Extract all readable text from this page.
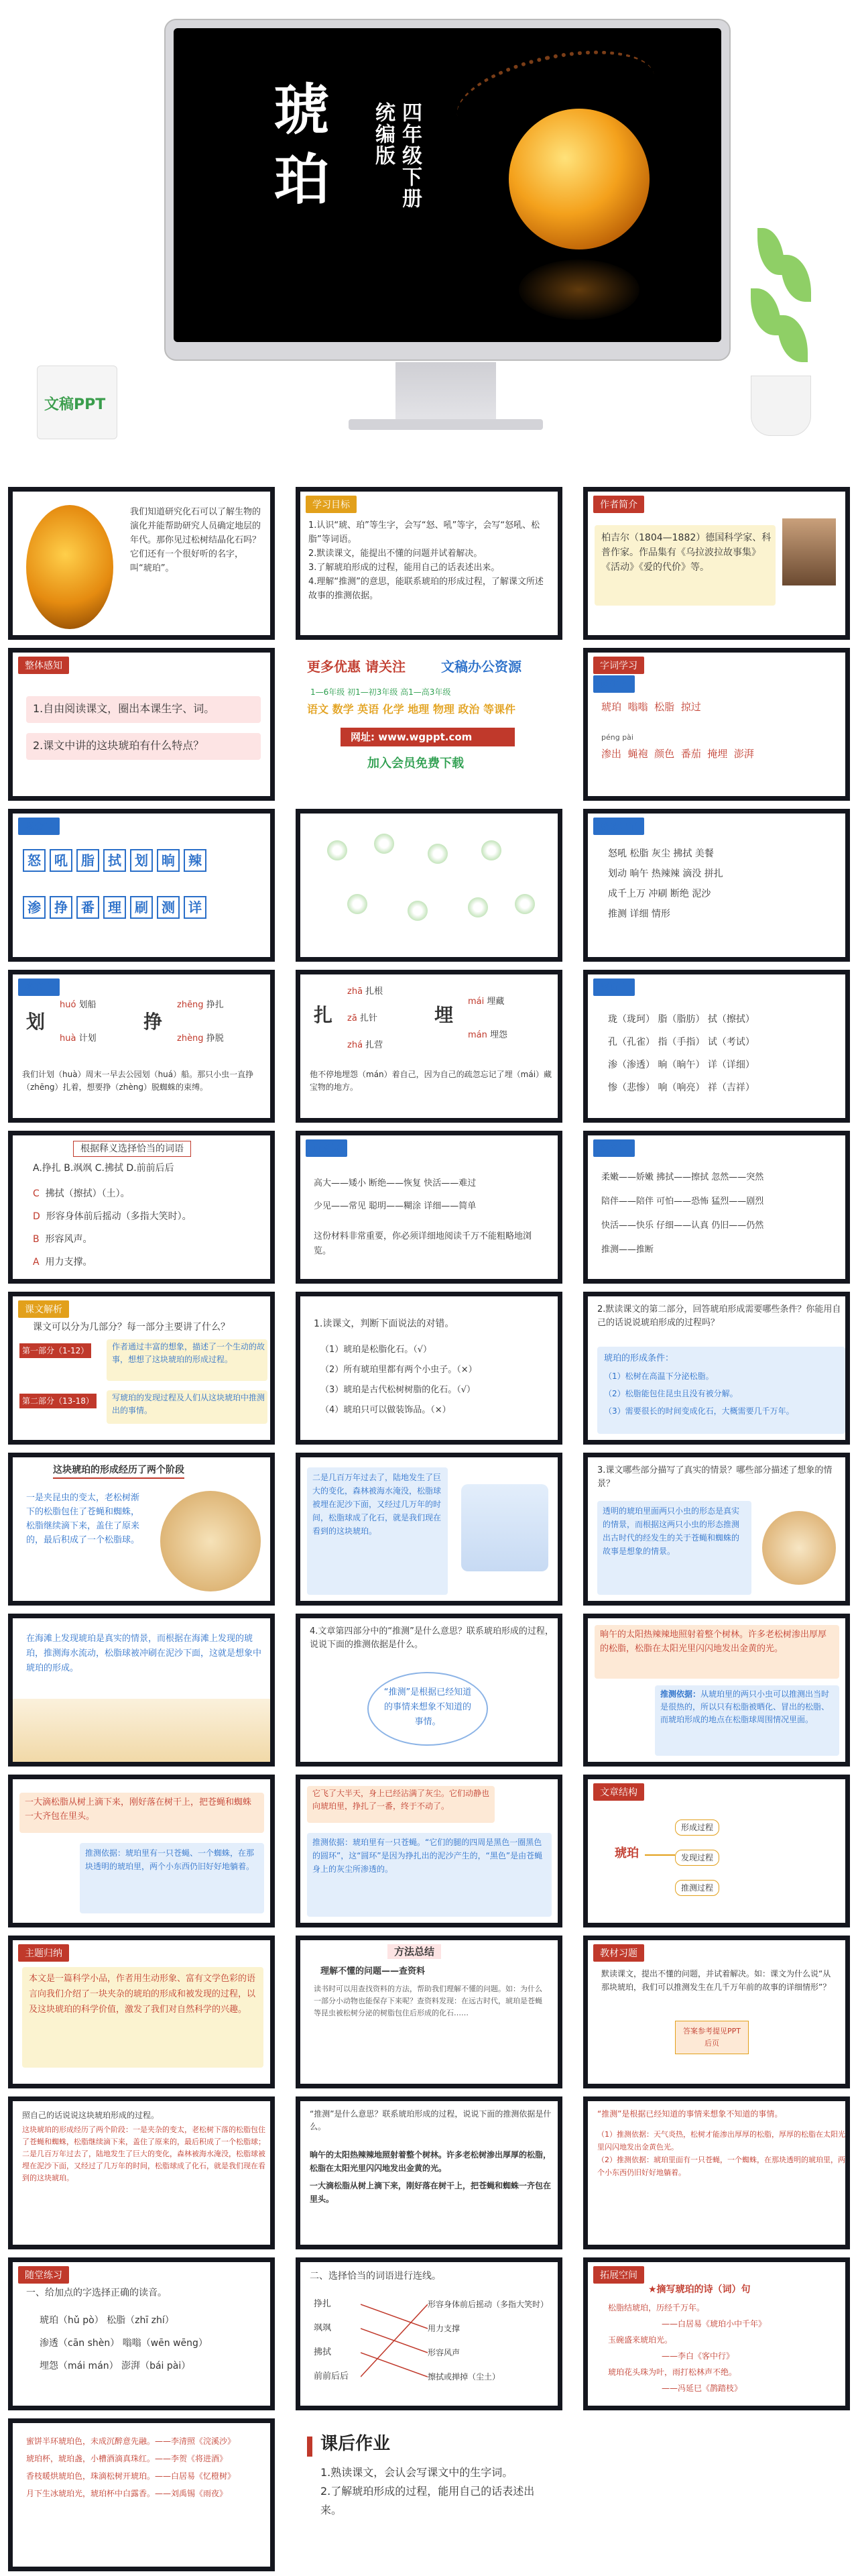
琥
珀
统编版 四年级下册
文稿PPT
我们知道研究化石可以了解生物的演化并能帮助研究人员确定地层的年代。那你见过松树结晶化石吗？它们还有一个很好听的名字，叫“琥珀”。
学习目标
1.认识“琥、珀”等生字，会写“怒、吼”等字，会写“怒吼、松脂”等词语。
2.默读课文，能提出不懂的问题并试着解决。
3.了解琥珀形成的过程，能用自己的话表述出来。
4.理解“推测”的意思，能联系琥珀的形成过程，了解课文所述故事的推测依据。
作者简介
柏吉尔（1804—1882）德国科学家、科普作家。作品集有《乌拉波拉故事集》《活动》《爱的代价》等。
整体感知
1.自由阅读课文，圈出本课生字、词。
2.课文中讲的这块琥珀有什么特点？
更多优惠 请关注	文稿办公资源
1—6年级 初1—初3年级 高1—高3年级
语文 数学 英语 化学 地理 物理 政治 等课件
网址: www.wgppt.com
加入会员免费下载
字词学习
读生字
琥珀 嗡嗡 松脂 掠过
渗出 蝇袍 颜色 番茄 掩埋 澎湃
péng pài
我会写
怒 吼 脂 拭 划 晌 辣
渗 挣 番 理 刷 测 详
读读记记
怒吼 松脂 灰尘 拂拭 美餐
划动 晌午 热辣辣 滴没 拼扎
成千上万 冲刷 断绝 泥沙
推测 详细 情形
多音字
划
huó 划船
huà 计划
挣
zhēng 挣扎
zhèng 挣脱
我们计划（huà）周末一早去公园划（huá）船。那只小虫一直挣（zhēng）扎着，想要挣（zhèng）脱蜘蛛的束缚。
扎
zhā 扎根
zā 扎针
zhá 扎营
埋
mái 埋藏
mán 埋怨
他不停地埋怨（mán）着自己，因为自己的疏忽忘记了埋（mái）藏宝物的地方。
形近字
珑（珑珂） 脂（脂肪） 拭（擦拭）
孔（孔雀） 指（手指） 试（考试）
渗（渗透） 晌（晌午） 详（详细）
惨（悲惨） 响（响亮） 祥（吉祥）
根据释义选择恰当的词语
A.挣扎 B.飒飒 C.拂拭 D.前前后后
C 拂拭（擦拭）（土）。
D 形容身体前后摇动（多指大笑时）。
B 形容风声。
A 用力支撑。
近义词
高大——矮小 断绝——恢复 快活——难过
少见——常见 聪明——糊涂 详细——简单
这份材料非常重要，你必须详细地阅读千万不能粗略地浏览。
反义词
柔嫩——娇嫩 拂拭——擦拭 忽然——突然
陪伴——陪伴 可怕——恐怖 猛烈——剧烈
快活——快乐 仔细——认真 仍旧——仍然
推测——推断
课文解析
课文可以分为几部分？每一部分主要讲了什么？
第一部分（1-12）	作者通过丰富的想象，描述了一个生动的故事，想想了这块琥珀的形成过程。
第二部分（13-18）	写琥珀的发现过程及人们从这块琥珀中推测出的事情。
1.读课文，判断下面说法的对错。
（1）琥珀是松脂化石。（√）
（2）所有琥珀里都有两个小虫子。（×）
（3）琥珀是古代松树树脂的化石。（√）
（4）琥珀只可以做装饰品。（×）
2.默读课文的第二部分，回答琥珀形成需要哪些条件？你能用自己的话说说琥珀形成的过程吗？
琥珀的形成条件：
（1）松树在高温下分泌松脂。
（2）松脂能包住昆虫且没有被分解。
（3）需要很长的时间变成化石，大概需要几千万年。
这块琥珀的形成经历了两个阶段
一是夹昆虫的变太，老松树渐下的松脂包住了苍蝇和蜘蛛，松脂继续滴下来，盖住了原来的，最后积成了一个松脂球。
二是几百万年过去了，陆地发生了巨大的变化，森林被海水淹没，松脂球被埋在泥沙下面，又经过几万年的时间，松脂球成了化石，就是我们现在看到的这块琥珀。
3.课文哪些部分描写了真实的情景？哪些部分描述了想象的情景？
透明的琥珀里面两只小虫的形态是真实的情景，而根据这两只小虫的形态推测出古时代的经发生的关于苍蝇和蜘蛛的故事是想象的情景。
在海滩上发现琥珀是真实的情景，而根据在海滩上发现的琥珀，推测海水流动，松脂球被冲刷在泥沙下面，这就是想象中琥珀的形成。
4.文章第四部分中的“推测”是什么意思？联系琥珀形成的过程，说说下面的推测依据是什么。
“推测”是根据已经知道的事情来想象不知道的事情。
晌午的太阳热辣辣地照射着整个树林。许多老松树渗出厚厚的松脂，松脂在太阳光里闪闪地发出金黄的光。
推测依据：从琥珀里的两只小虫可以推测出当时是很热的，所以只有松脂被晒化、冒出的松脂、而琥珀形成的地点在松脂球周围情况里面。
一大滴松脂从树上滴下来，刚好落在树干上，把苍蝇和蜘蛛一大齐包在里头。
推测依据：琥珀里有一只苍蝇、一个蜘蛛，在那块透明的琥珀里，两个小东西仍旧好好地躺着。
它飞了大半天，身上已经沾满了灰尘。它们动静也向琥珀里，挣扎了一番，终于不动了。
推测依据：琥珀里有一只苍蝇。“它们的腿的四周是黑色一圈黑色的圆环”，这“圆环”是因为挣扎出的泥沙产生的，“黑色”是由苍蝇身上的灰尘所渗透的。
文章结构
琥珀
形成过程
发现过程
推测过程
主题归纳
本文是一篇科学小品，作者用生动形象、富有文学色彩的语言向我们介绍了一块夹杂的琥珀的形成和被发现的过程，以及这块琥珀的科学价值，激发了我们对自然科学的兴趣。
方法总结
理解不懂的问题——查资料
读书时可以用查找资料的方法，帮助我们理解不懂的问题。如：为什么一部分小动物也能保存下来呢？查资料发现：在远古时代，琥珀是苍蝇等昆虫被松树分泌的树脂包住后形成的化石……
教材习题
默读课文，提出不懂的问题，并试着解决。如：课文为什么说“从那块琥珀，我们可以推测发生在几千万年前的故事的详细情形”？
答案参考提见PPT后页
照自己的话说说这块琥珀形成的过程。
这块琥珀的形成经历了两个阶段：一是夹杂的变太，老松树下落的松脂包住了苍蝇和蜘蛛，松脂继续滴下来，盖住了原来的，最后积成了一个松脂球；二是几百万年过去了，陆地发生了巨大的变化，森林被海水淹没，松脂球被埋在泥沙下面，又经过了几万年的时间，松脂球成了化石，就是我们现在看到的这块琥珀。
“推测”是什么意思？联系琥珀形成的过程，说说下面的推测依据是什么。
晌午的太阳热辣辣地照射着整个树林。许多老松树渗出厚厚的松脂，松脂在太阳光里闪闪地发出金黄的光。
一大滴松脂从树上滴下来，刚好落在树干上，把苍蝇和蜘蛛一齐包在里头。
“推测”是根据已经知道的事情来想象不知道的事情。
（1）推测依据：天气炎热，松树才能渗出厚厚的松脂，厚厚的松脂在太阳光里闪闪地发出金黄色光。
（2）推测依据：琥珀里面有一只苍蝇，一个蜘蛛，在那块透明的琥珀里，两个小东西仍旧好好地躺着。
随堂练习
一、给加点的字选择正确的读音。
琥珀（hǔ pò） 松脂（zhī zhí）
渗透（cān shèn） 嗡嗡（wēn wēng）
埋怨（mái mán） 澎湃（bái pài）
二、选择恰当的词语进行连线。
挣扎
飒飒
拂拭
前前后后
形容身体前后摇动（多指大笑时）
用力支撑
形容风声
擦拭或掸掉（尘土）
拓展空间
★摘写琥珀的诗（词）句
松脂结琥珀，历经千万年。
——白居易《琥珀小中千年》
玉碗盛来琥珀光。
——李白《客中行》
琥珀花头珠为叶，雨打松林声不绝。
——冯延巳《鹊踏枝》
蜜饼半环琥珀色，未成沉醉意先融。——李清照《浣溪沙》
琥珀杯，琥珀盏，小槽酒滴真珠红。——李贺《将进酒》
香枝暖烘琥珀色，珠滴松树开琥珀。——白居易《忆橙树》
月下生冰琥珀光，琥珀杯中白露香。——刘禹锡《雨夜》
课后作业
1.熟读课文，会认会写课文中的生字词。
2.了解琥珀形成的过程，能用自己的话表述出来。
